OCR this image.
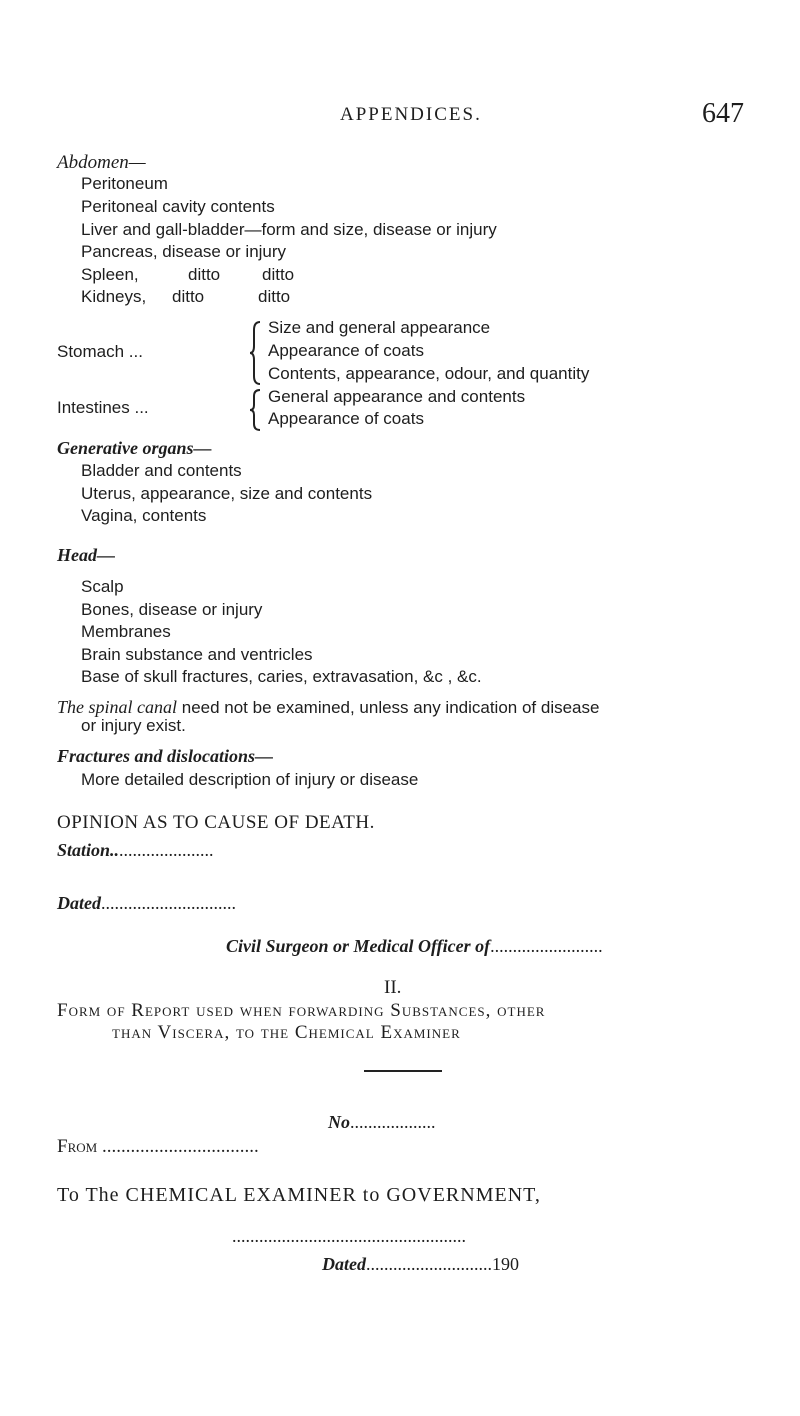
APPENDICES.	647
Abdomen—
Peritoneum
Peritoneal cavity contents
Liver and gall-bladder—form and size, disease or injury
Pancreas, disease or injury
Spleen,	ditto ditto
Kidneys, ditto	ditto
Stomach ...
Size and general appearance
Appearance of coats
Contents, appearance, odour, and quantity
Intestines ...
General appearance and contents
Appearance of coats
Generative organs—
Bladder and contents
Uterus, appearance, size and contents
Vagina, contents
Head—
Scalp
Bones, disease or injury
Membranes
Brain substance and ventricles
Base of skull fractures, caries, extravasation, &c , &c.
The spinal canal need not be examined, unless any indication of disease
or injury exist.
Fractures and dislocations—
More detailed description of injury or disease
OPINION AS TO CAUSE OF DEATH.
Station.......................
Dated..............................
Civil Surgeon or Medical Officer of.........................
II.
Form of Report used when forwarding Substances, other
than Viscera, to the Chemical Examiner
No...................
From .................................
To The CHEMICAL EXAMINER to GOVERNMENT,
....................................................
Dated............................190
